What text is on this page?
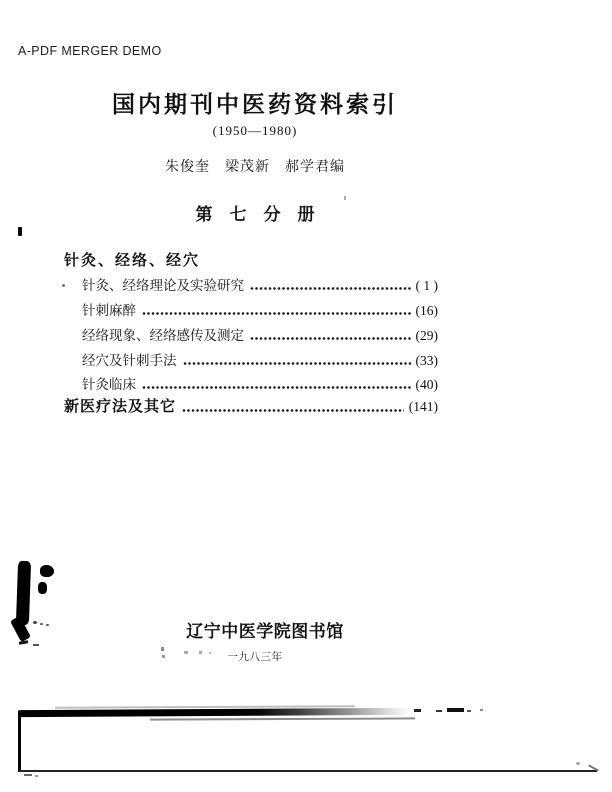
A-PDF MERGER DEMO
国内期刊中医药资料索引
(1950—1980)
朱俊奎　梁茂新　郝学君编
第　七　分　册
针灸、经络、经穴
针灸、经络理论及实验研究	( 1 )
针刺麻醉	(16)
经络现象、经络感传及测定	(29)
经穴及针刺手法	(33)
针灸临床	(40)
新医疗法及其它	(141)
辽宁中医学院图书馆
一九八三年
